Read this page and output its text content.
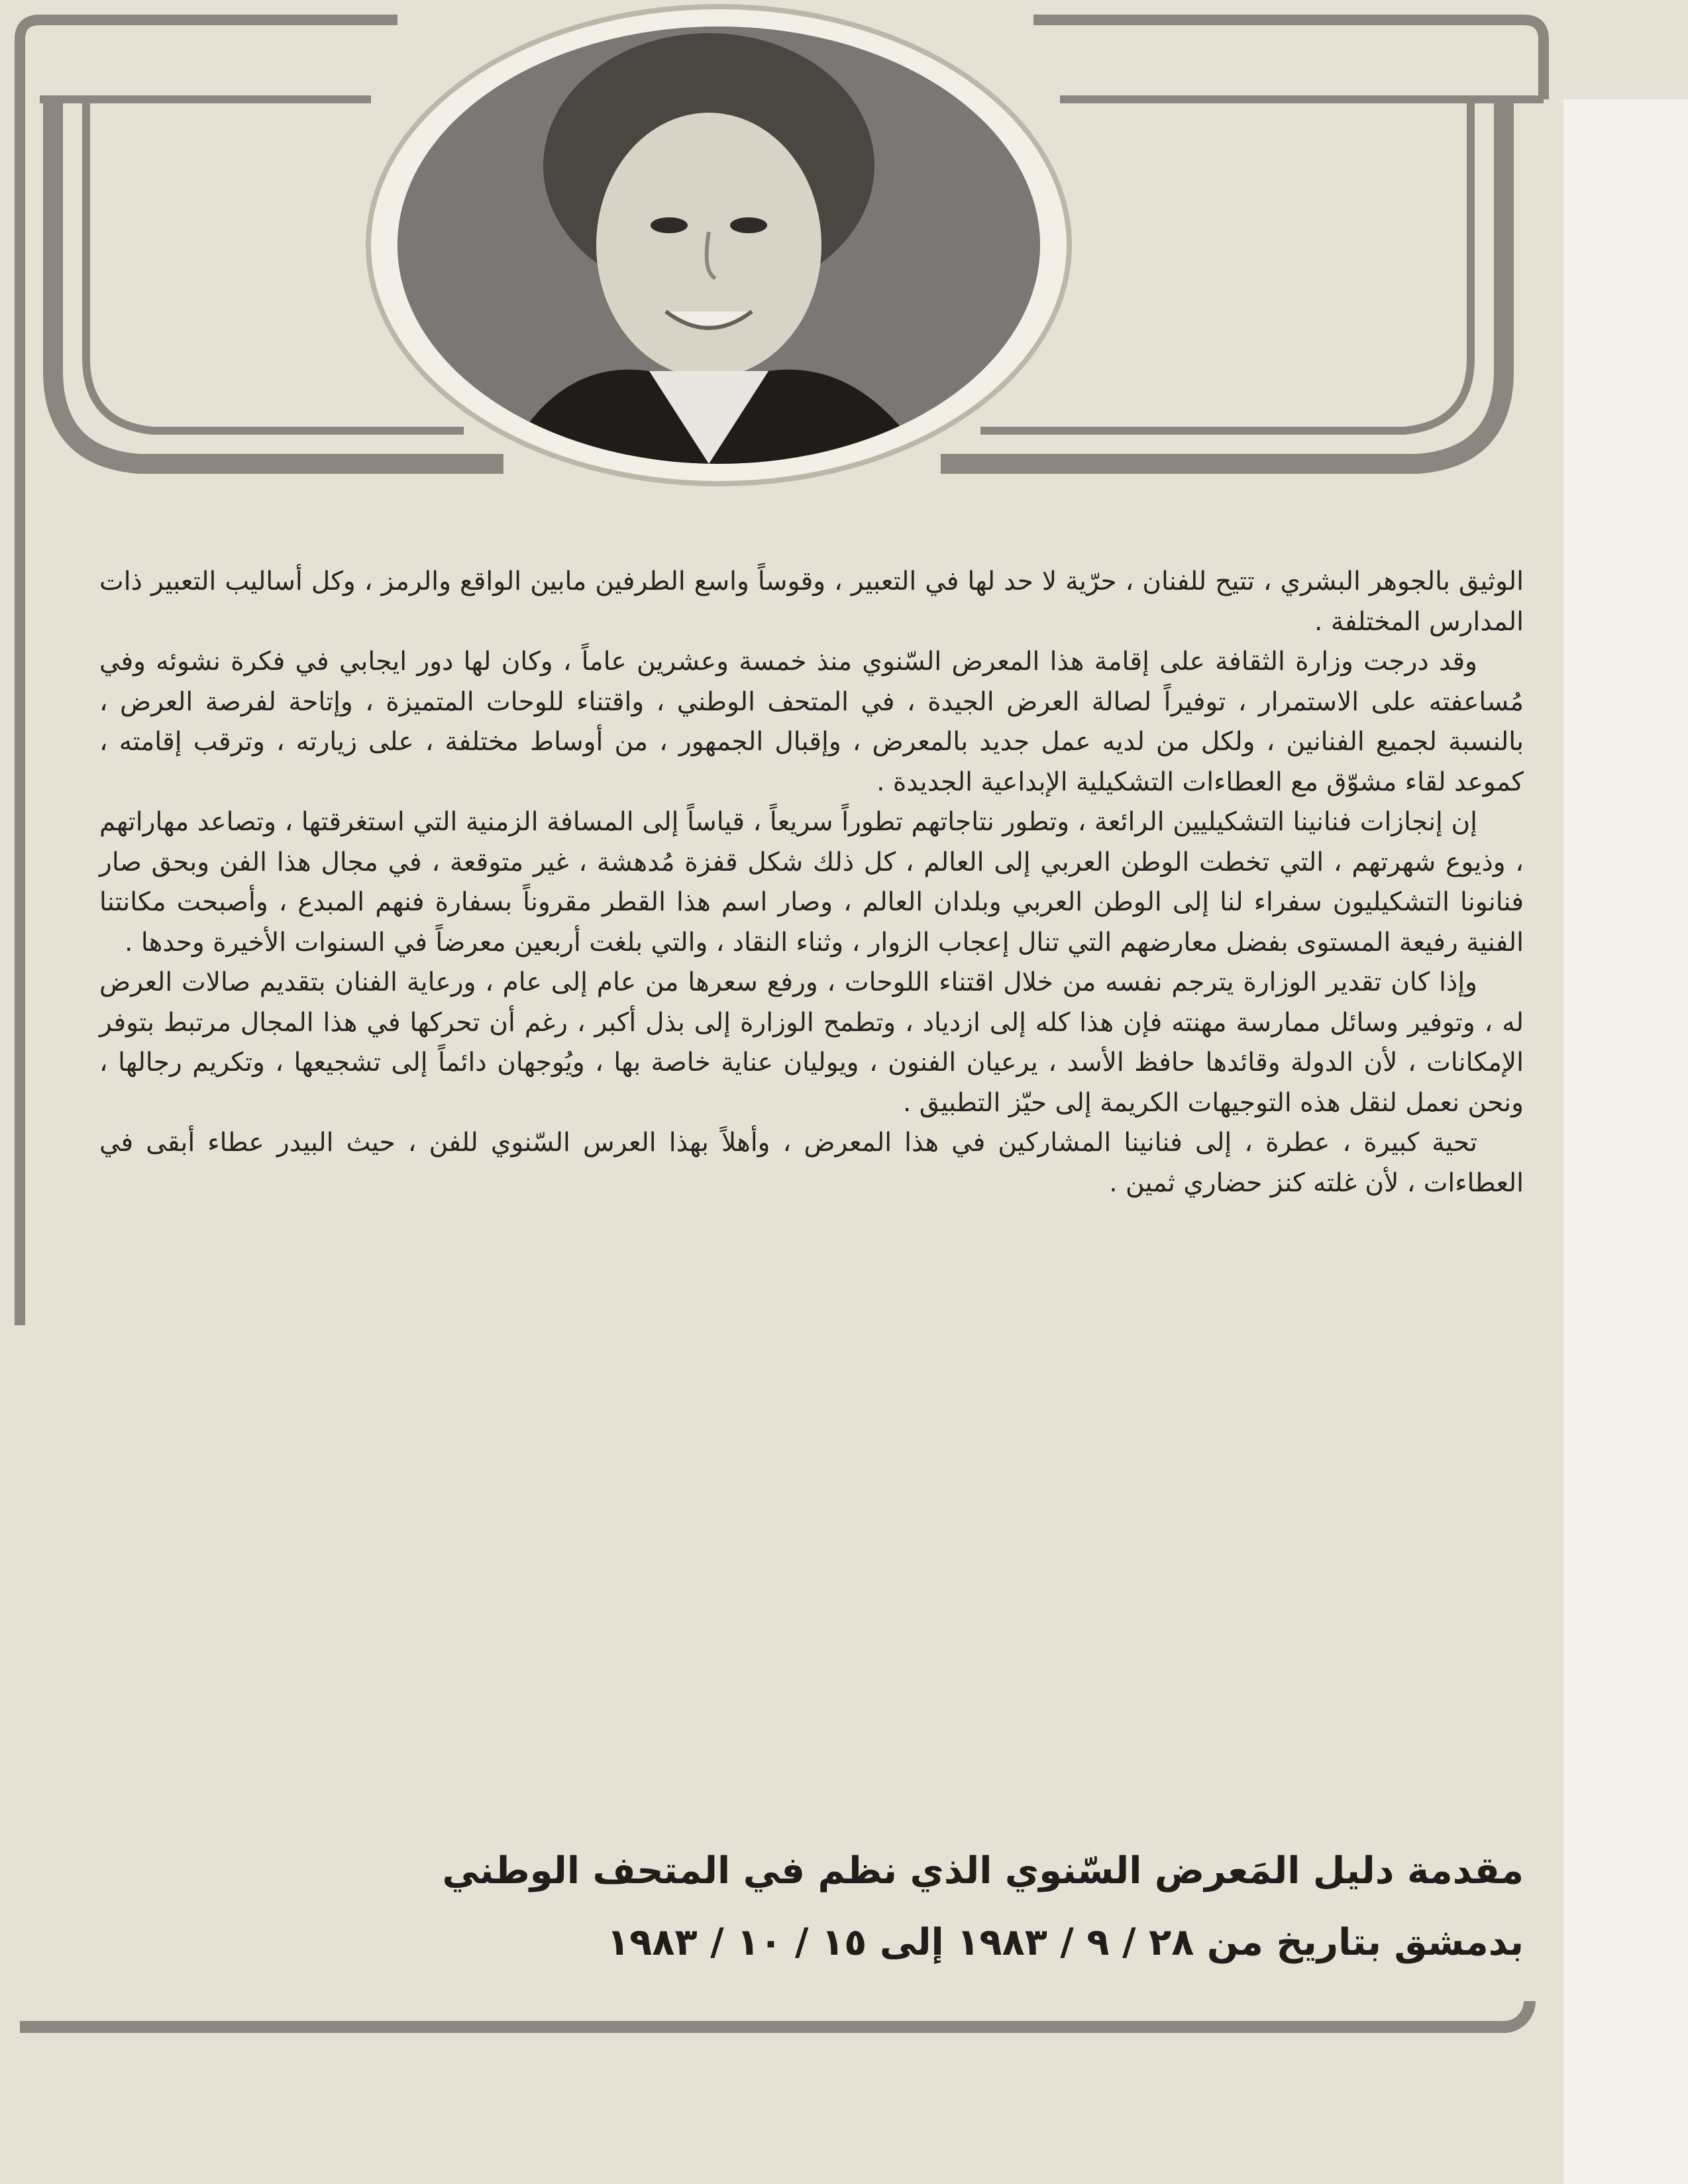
الوثيق بالجوهر البشري ، تتيح للفنان ، حرّية لا حد لها في التعبير ، وقوساً واسع الطرفين مابين الواقع والرمز ، وكل أساليب التعبير ذات المدارس المختلفة .

وقد درجت وزارة الثقافة على إقامة هذا المعرض السّنوي منذ خمسة وعشرين عاماً ، وكان لها دور ايجابي في فكرة نشوئه وفي مُساعفته على الاستمرار ، توفيراً لصالة العرض الجيدة ، في المتحف الوطني ، واقتناء للوحات المتميزة ، وإتاحة لفرصة العرض ، بالنسبة لجميع الفنانين ، ولكل من لديه عمل جديد بالمعرض ، وإقبال الجمهور ، من أوساط مختلفة ، على زيارته ، وترقب إقامته ، كموعد لقاء مشوّق مع العطاءات التشكيلية الإبداعية الجديدة .

إن إنجازات فنانينا التشكيليين الرائعة ، وتطور نتاجاتهم تطوراً سريعاً ، قياساً إلى المسافة الزمنية التي استغرقتها ، وتصاعد مهاراتهم ، وذيوع شهرتهم ، التي تخطت الوطن العربي إلى العالم ، كل ذلك شكل قفزة مُدهشة ، غير متوقعة ، في مجال هذا الفن وبحق صار فنانونا التشكيليون سفراء لنا إلى الوطن العربي وبلدان العالم ، وصار اسم هذا القطر مقروناً بسفارة فنهم المبدع ، وأصبحت مكانتنا الفنية رفيعة المستوى بفضل معارضهم التي تنال إعجاب الزوار ، وثناء النقاد ، والتي بلغت أربعين معرضاً في السنوات الأخيرة وحدها .

وإذا كان تقدير الوزارة يترجم نفسه من خلال اقتناء اللوحات ، ورفع سعرها من عام إلى عام ، ورعاية الفنان بتقديم صالات العرض له ، وتوفير وسائل ممارسة مهنته فإن هذا كله إلى ازدياد ، وتطمح الوزارة إلى بذل أكبر ، رغم أن تحركها في هذا المجال مرتبط بتوفر الإمكانات ، لأن الدولة وقائدها حافظ الأسد ، يرعيان الفنون ، ويوليان عناية خاصة بها ، ويُوجهان دائماً إلى تشجيعها ، وتكريم رجالها ، ونحن نعمل لنقل هذه التوجيهات الكريمة إلى حيّز التطبيق .

تحية كبيرة ، عطرة ، إلى فنانينا المشاركين في هذا المعرض ، وأهلاً بهذا العرس السّنوي للفن ، حيث البيدر عطاء أبقى في العطاءات ، لأن غلته كنز حضاري ثمين .

مقدمة دليل المَعرض السّنوي الذي نظم في المتحف الوطني
بدمشق بتاريخ من ٢٨ / ٩ / ١٩٨٣ إلى ١٥ / ١٠ / ١٩٨٣
